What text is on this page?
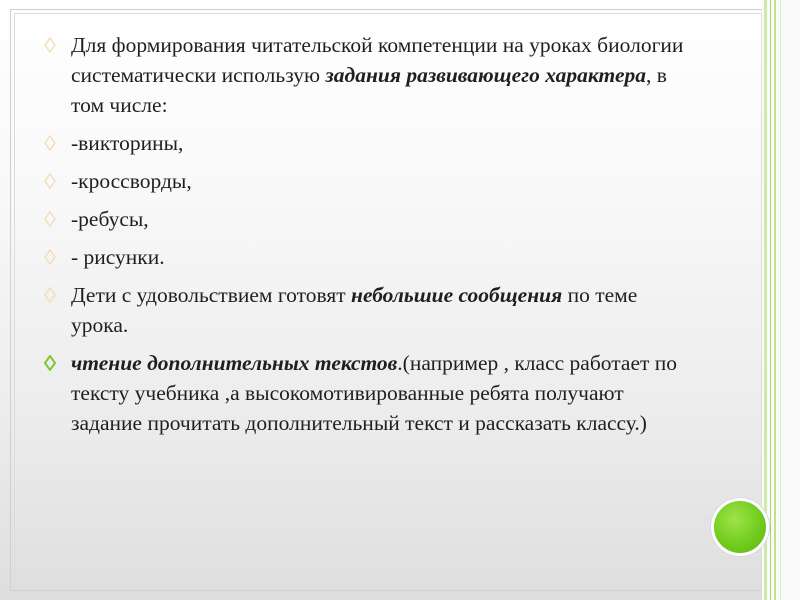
Для формирования читательской компетенции на уроках биологии систематически использую задания развивающего характера, в том числе:
-викторины,
-кроссворды,
-ребусы,
- рисунки.
Дети с удовольствием готовят небольшие сообщения по теме урока.
чтение дополнительных текстов.(например , класс работает по тексту учебника ,а высокомотивированные ребята получают задание прочитать дополнительный текст и рассказать классу.)
